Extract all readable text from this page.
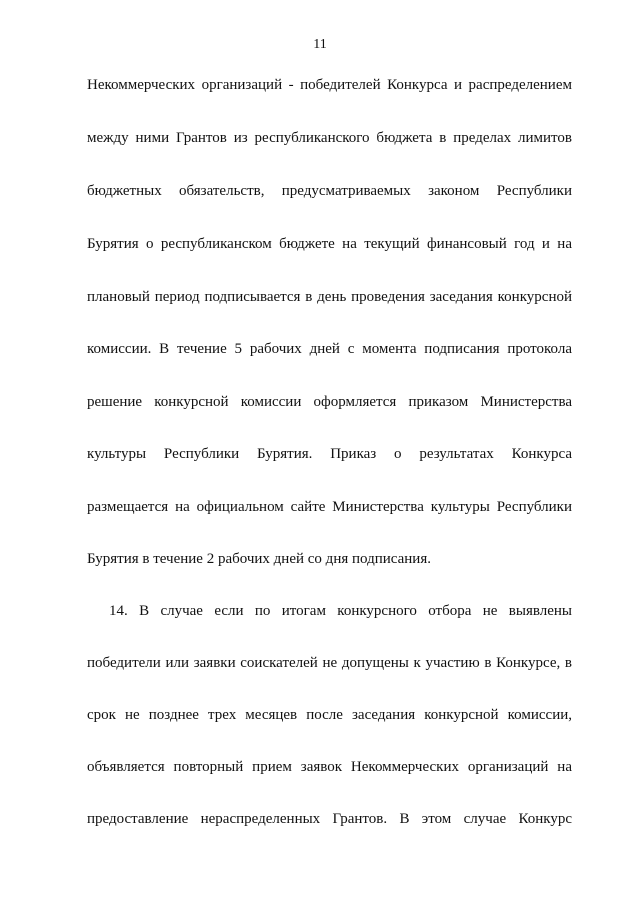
11
Некоммерческих организаций - победителей Конкурса и распределением
между ними Грантов из республиканского бюджета в пределах лимитов
бюджетных обязательств, предусматриваемых законом Республики
Бурятия о республиканском бюджете на текущий финансовый год и на
плановый период подписывается в день проведения заседания конкурсной
комиссии. В течение 5 рабочих дней с момента подписания протокола
решение конкурсной комиссии оформляется приказом Министерства
культуры Республики Бурятия. Приказ о результатах Конкурса
размещается на официальном сайте Министерства культуры Республики
Бурятия в течение 2 рабочих дней со дня подписания.
14. В случае если по итогам конкурсного отбора не выявлены
победители или заявки соискателей не допущены к участию в Конкурсе, в
срок не позднее трех месяцев после заседания конкурсной комиссии,
объявляется повторный прием заявок Некоммерческих организаций на
предоставление нераспределенных Грантов. В этом случае Конкурс
